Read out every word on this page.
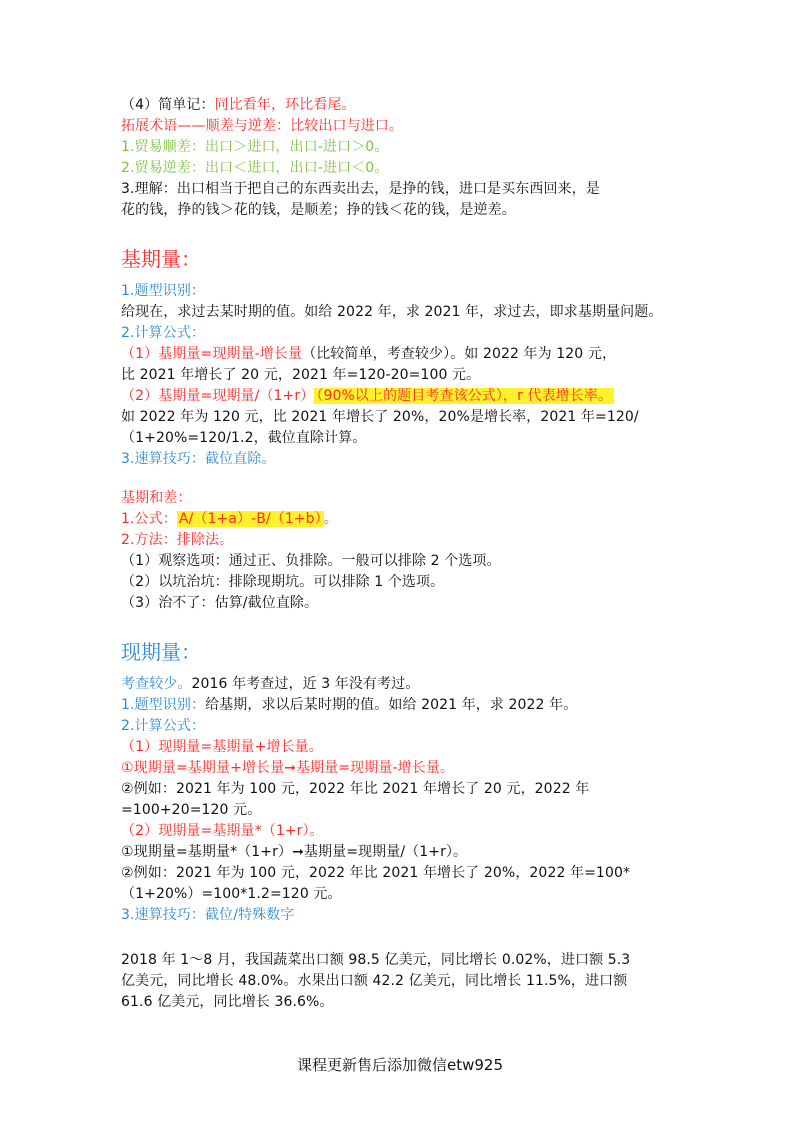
（4）简单记：同比看年，环比看尾。
拓展术语——顺差与逆差：比较出口与进口。
1.贸易顺差：出口＞进口，出口-进口＞0。
2.贸易逆差：出口＜进口，出口-进口＜0。
3.理解：出口相当于把自己的东西卖出去，是挣的钱，进口是买东西回来，是
花的钱，挣的钱＞花的钱，是顺差；挣的钱＜花的钱，是逆差。
基期量：
1.题型识别：
给现在，求过去某时期的值。如给 2022 年，求 2021 年，求过去，即求基期量问题。
2.计算公式：
（1）基期量=现期量-增长量（比较简单，考查较少）。如 2022 年为 120 元，
比 2021 年增长了 20 元，2021 年=120-20=100 元。
（2）基期量=现期量/（1+r） （90%以上的题目考查该公式），r 代表增长率。
如 2022 年为 120 元，比 2021 年增长了 20%，20%是增长率，2021 年=120/
（1+20%=120/1.2，截位直除计算。
3.速算技巧：截位直除。
基期和差：
1.公式： A/（1+a）-B/（1+b） 。
2.方法：排除法。
（1）观察选项：通过正、负排除。一般可以排除 2 个选项。
（2）以坑治坑：排除现期坑。可以排除 1 个选项。
（3）治不了：估算/截位直除。
现期量：
考查较少。2016 年考查过，近 3 年没有考过。
1.题型识别：给基期，求以后某时期的值。如给 2021 年，求 2022 年。
2.计算公式：
（1）现期量=基期量+增长量。
①现期量=基期量+增长量➞基期量=现期量-增长量。
②例如：2021 年为 100 元，2022 年比 2021 年增长了 20 元，2022 年
=100+20=120 元。
（2）现期量=基期量*（1+r）。
①现期量=基期量*（1+r）➞基期量=现期量/（1+r）。
②例如：2021 年为 100 元，2022 年比 2021 年增长了 20%，2022 年=100*
（1+20%）=100*1.2=120 元。
3.速算技巧：截位/特殊数字
2018 年 1～8 月，我国蔬菜出口额 98.5 亿美元，同比增长 0.02%，进口额 5.3
亿美元，同比增长 48.0%。水果出口额 42.2 亿美元，同比增长 11.5%，进口额
61.6 亿美元，同比增长 36.6%。
课程更新售后添加微信etw925
